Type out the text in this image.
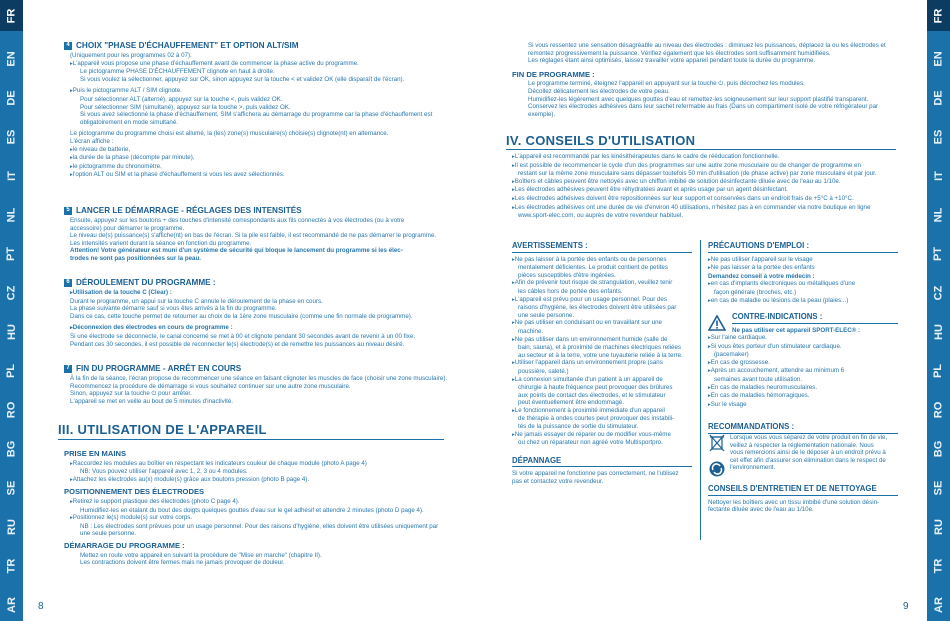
FR
EN
DE
ES
IT
NL
PT
CZ
HU
PL
RO
BG
SE
RU
TR
AR
FR
EN
DE
ES
IT
NL
PT
CZ
HU
PL
RO
BG
SE
RU
TR
AR
4 CHOIX "PHASE D'ÉCHAUFFEMENT" ET OPTION ALT/SIM

(Uniquement pour les programmes 02 à 07).

▸ L'appareil vous propose une phase d'échauffement avant de commencer la phase active du programme.

Le pictogramme PHASE D'ÉCHAUFFEMENT clignote en haut à droite.

Si vous voulez la sélectionner, appuyez sur OK, sinon appuyez sur la touche < et validez OK (elle disparaît de l'écran).

▸ Puis le pictogramme ALT / SIM clignote.

Pour sélectionner ALT (alterné), appuyez sur la touche <, puis validez OK.

Pour sélectionner SIM (simultané), appuyez sur la touche >, puis validez OK.

Si vous avez sélectionné la phase d'échauffement, SIM s'affichera au démarrage du programme car la phase d'échauffement est

obligatoirement en mode simultané.

Le pictogramme du programme choisi est allumé, la (les) zone(s) musculaire(s) choisie(s) clignote(nt) en alternance.

L'écran affiche :

▸ le niveau de batterie,

▸ la durée de la phase (décompte par minute),

▸ le pictogramme du chronomètre,

▸ l'option ALT ou SIM et la phase d'échauffement si vous les avez sélectionnés.

5 LANCER LE DÉMARRAGE - RÉGLAGES DES INTENSITÉS

Ensuite, appuyez sur les boutons + des touches d'intensité correspondants aux fils connectés à vos électrodes (ou à votre

accessoire) pour démarrer le programme.

Le niveau de(s) puissance(s) s'affiche(nt) en bas de l'écran. Si la pile est faible, il est recommandé de ne pas démarrer le programme.

Les intensités varient durant la séance en fonction du programme.

Attention! Votre générateur est muni d'un système de sécurité qui bloque le lancement du programme si les élec-

trodes ne sont pas positionnées sur la peau.

6 DÉROULEMENT DU PROGRAMME :

▸ Utilisation de la touche C (Clear) :

Durant le programme, un appui sur la touche C annule le déroulement de la phase en cours.

La phase suivante démarre sauf si vous êtes arrivés à la fin du programme.

Dans ce cas, cette touche permet de retourner au choix de la 1ère zone musculaire (comme une fin normale de programme).

▸ Déconnexion des électrodes en cours de programme :

Si une électrode se déconnecte, le canal concerné se met à 00 et clignote pendant 30 secondes avant de revenir à un 00 fixe.

Pendant ces 30 secondes, il est possible de reconnecter le(s) électrode(s) et de remettre les puissances au niveau désiré.

7 FIN DU PROGRAMME - ARRÊT EN COURS

À la fin de la séance, l'écran propose de recommencer une séance en faisant clignoter les muscles de face (choisir une zone musculaire).

Recommencez la procédure de démarrage si vous souhaitez continuer sur une autre zone musculaire.

Sinon, appuyez sur la touche ⏻ pour arrêter.

L'appareil se met en veille au bout de 5 minutes d'inactivité.

III. UTILISATION DE L'APPAREIL
PRISE EN MAINS

▸ Raccordez les modules au boîtier en respectant les indicateurs couleur de chaque module (photo A page 4)

NB: Vous pouvez utiliser l'appareil avec 1, 2, 3 ou 4 modules.

▸ Attachez les électrodes au(x) module(s) grâce aux boutons pression (photo B page 4).

POSITIONNEMENT DES ÉLECTRODES

▸ Retirez le support plastique des électrodes (photo C page 4).

Humidifiez-les en étalant du bout des doigts quelques gouttes d'eau sur le gel adhésif et attendre 2 minutes (photo D page 4).

▸ Positionnez le(s) module(s) sur votre corps.

NB : Les électrodes sont prévues pour un usage personnel. Pour des raisons d'hygiène, elles doivent être utilisées uniquement par

une seule personne.

DÉMARRAGE DU PROGRAMME :

Mettez en route votre appareil en suivant la procédure de "Mise en marche" (chapitre II).

Les contractions doivent être fermes mais ne jamais provoquer de douleur.

8

Si vous ressentez une sensation désagréable au niveau des électrodes : diminuez les puissances, déplacez la ou les électrodes et

remontez progressivement la puissance. Vérifiez également que les électrodes sont suffisamment humidifiées.

Les réglages étant ainsi optimisés, laissez travailler votre appareil pendant toute la durée du programme.

FIN DE PROGRAMME :

Le programme terminé, éteignez l'appareil en appuyant sur la touche ⏻, puis décrochez les modules.

Décollez délicatement les électrodes de votre peau.

Humidifiez-les légèrement avec quelques gouttes d'eau et remettez-les soigneusement sur leur support plastifié transparent.

Conservez les électrodes adhésives dans leur sachet refermable au frais (Dans un compartiment isolé de votre réfrigérateur par exemple).

IV. CONSEILS D'UTILISATION

▸ L'appareil est recommandé par les kinésithérapeutes dans le cadre de rééducation fonctionnelle.

▸ Il est possible de recommencer le cycle d'un des programmes sur une autre zone musculaire ou de changer de programme en

restant sur la même zone musculaire sans dépasser toutefois 50 min d'utilisation (de phase active) par zone musculaire et par jour.

▸ Boîtiers et câbles peuvent être nettoyés avec un chiffon imbibé de solution désinfectante diluée avec de l'eau au 1/10e.

▸ Les électrodes adhésives peuvent être réhydratées avant et après usage par un agent désinfectant.

▸ Les électrodes adhésives doivent être repositionnées sur leur support et conservées dans un endroit frais de +5°C à +10°C.

▸ Les électrodes adhésives ont une durée de vie d'environ 40 utilisations, n'hésitez pas à en commander via notre boutique en ligne

www.sport-elec.com, ou auprès de votre revendeur habituel.

AVERTISSEMENTS :

▸ Ne pas laisser à la portée des enfants ou de personnes

mentalement déficientes. Le produit contient de petites

pièces susceptibles d'être ingérées.

▸ Afin de prévenir tout risque de strangulation, veuillez tenir

les câbles hors de portée des enfants.

▸ L'appareil est prévu pour un usage personnel. Pour des

raisons d'hygiène, les électrodes doivent être utilisées par

une seule personne.

▸ Ne pas utiliser en conduisant ou en travaillant sur une

machine.

▸ Ne pas utiliser dans un environnement humide (salle de

bain, sauna), et à proximité de machines électriques reliées

au secteur et à la terre, votre une tuyauterie reliée à la terre.

▸ Utiliser l'appareil dans un environnement propre (sans

poussière, saleté.)

▸ La connexion simultanée d'un patient à un appareil de

chirurgie à haute fréquence peut provoquer des brûlures

aux points de contact des électrodes, et le stimulateur

peut éventuellement être endommagé.

▸ Le fonctionnement à proximité immédiate d'un appareil

de thérapie à ondes courtes peut provoquer des instabili-

tés de la puissance de sortie du stimulateur.

▸ Ne jamais essayer de réparer ou de modifier vous-même

ou chez un réparateur non agréé votre Multisportpro.

DÉPANNAGE

Si votre appareil ne fonctionne pas correctement, ne l'utilisez

pas et contactez votre revendeur.

PRÉCAUTIONS D'EMPLOI :

▸ Ne pas utiliser l'appareil sur le visage

▸ Ne pas laisser à la portée des enfants

Demandez conseil à votre médecin :

▸ en cas d'implants électroniques ou métalliques d'une

façon générale (broches, etc.)

▸ en cas de maladie ou lésions de la peau (plaies...)

CONTRE-INDICATIONS :

Ne pas utiliser cet appareil SPORT-ELEC® :

▸ Sur l'aine cardiaque.

▸ Si vous êtes porteur d'un stimulateur cardiaque.

(pacemaker)

▸ En cas de grossesse.

▸ Après un accouchement, attendre au minimum 6

semaines avant toute utilisation.

▸ En cas de maladies neuromusculaires.

▸ En cas de maladies hémorragiques.

▸ Sur le visage

RECOMMANDATIONS :

Lorsque vous vous séparez de votre produit en fin de vie,

veillez à respecter la réglementation nationale. Nous

vous remercions ainsi de le déposer à un endroit prévu à

cet effet afin d'assurer son élimination dans le respect de

l'environnement.

CONSEILS D'ENTRETIEN ET DE NETTOYAGE

Nettoyer les boîtiers avec un tissu imbibé d'une solution désin-

fectante diluée avec de l'eau au 1/10e.

9
